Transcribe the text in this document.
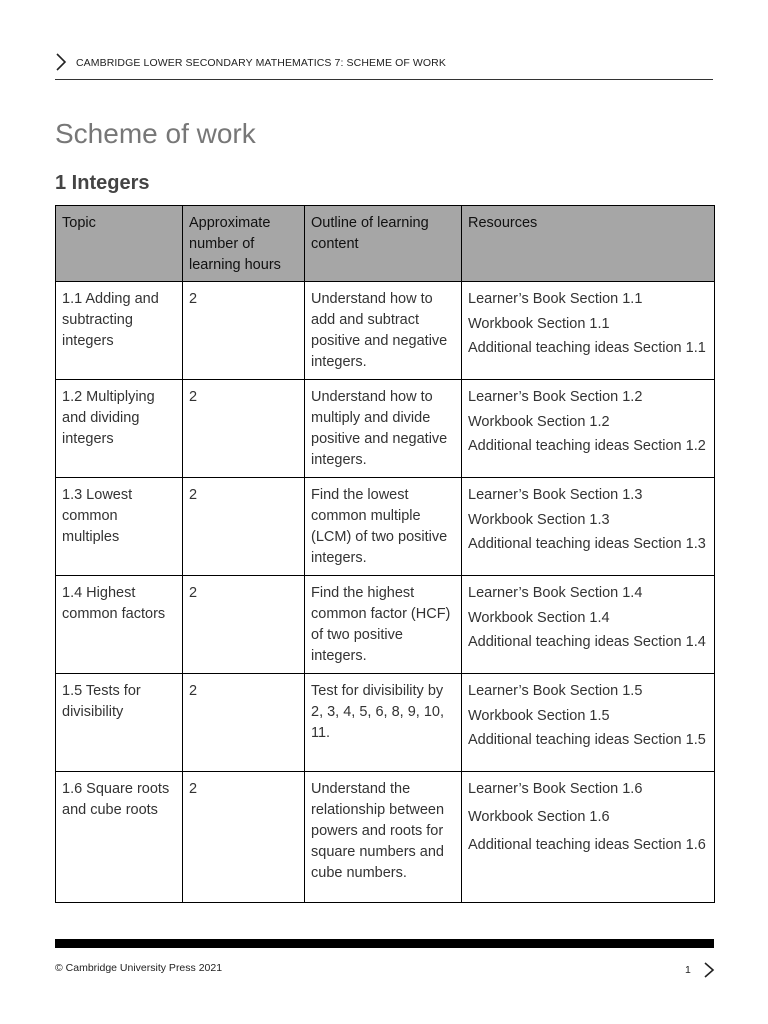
CAMBRIDGE LOWER SECONDARY MATHEMATICS 7: SCHEME OF WORK
Scheme of work
1 Integers
Topic	Approximate number of learning hours	Outline of learning content	Resources
1.1 Adding and subtracting integers	2	Understand how to add and subtract positive and negative integers.	Learner’s Book Section 1.1
Workbook Section 1.1
Additional teaching ideas Section 1.1

1.2 Multiplying and dividing integers	2	Understand how to multiply and divide positive and negative integers.	Learner’s Book Section 1.2
Workbook Section 1.2
Additional teaching ideas Section 1.2

1.3 Lowest common multiples	2	Find the lowest common multiple (LCM) of two positive integers.	Learner’s Book Section 1.3
Workbook Section 1.3
Additional teaching ideas Section 1.3

1.4 Highest common factors	2	Find the highest common factor (HCF) of two positive integers.	Learner’s Book Section 1.4
Workbook Section 1.4
Additional teaching ideas Section 1.4

1.5 Tests for divisibility	2	Test for divisibility by 2, 3, 4, 5, 6, 8, 9, 10, 11.	Learner’s Book Section 1.5
Workbook Section 1.5
Additional teaching ideas Section 1.5

1.6 Square roots and cube roots	2	Understand the relationship between powers and roots for square numbers and cube numbers.	Learner’s Book Section 1.6
Workbook Section 1.6
Additional teaching ideas Section 1.6
© Cambridge University Press 2021	1
